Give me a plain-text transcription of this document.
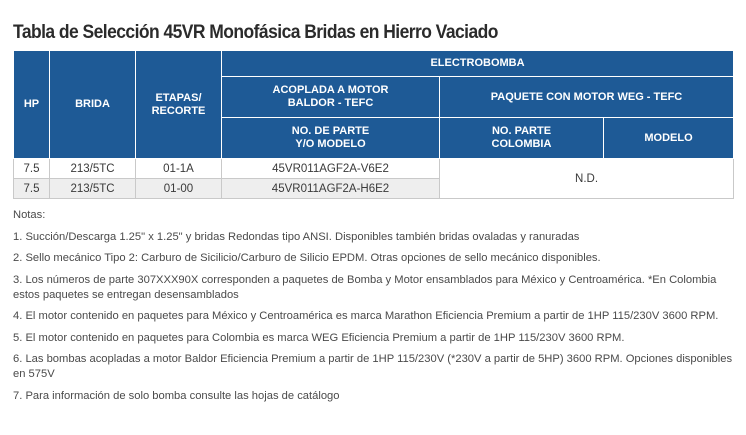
Tabla de Selección 45VR Monofásica Bridas en Hierro Vaciado
HP	BRIDA	ETAPAS/ RECORTE	ELECTROBOMBA		

			ACOPLADA A MOTOR BALDOR - TEFC	PAQUETE CON MOTOR WEG - TEFC	

			NO. DE PARTE Y/O MODELO	NO. PARTE COLOMBIA	MODELO
7.5	213/5TC	01-1A	45VR011AGF2A-V6E2	N.D.	
7.5	213/5TC	01-00	45VR011AGF2A-H6E2		

Notas:

1. Succión/Descarga 1.25" x 1.25" y bridas Redondas tipo ANSI. Disponibles también bridas ovaladas y ranuradas

2. Sello mecánico Tipo 2: Carburo de Sicilicio/Carburo de Silicio EPDM. Otras opciones de sello mecánico disponibles.

3. Los números de parte 307XXX90X corresponden a paquetes de Bomba y Motor ensamblados para México y Centroamérica. *En Colombia estos paquetes se entregan desensamblados

4. El motor contenido en paquetes para México y Centroamérica es marca Marathon Eficiencia Premium a partir de 1HP 115/230V 3600 RPM.

5. El motor contenido en paquetes para Colombia es marca WEG Eficiencia Premium a partir de 1HP 115/230V 3600 RPM.

6. Las bombas acopladas a motor Baldor Eficiencia Premium a partir de 1HP 115/230V (*230V a partir de 5HP) 3600 RPM. Opciones disponibles en 575V

7. Para información de solo bomba consulte las hojas de catálogo
